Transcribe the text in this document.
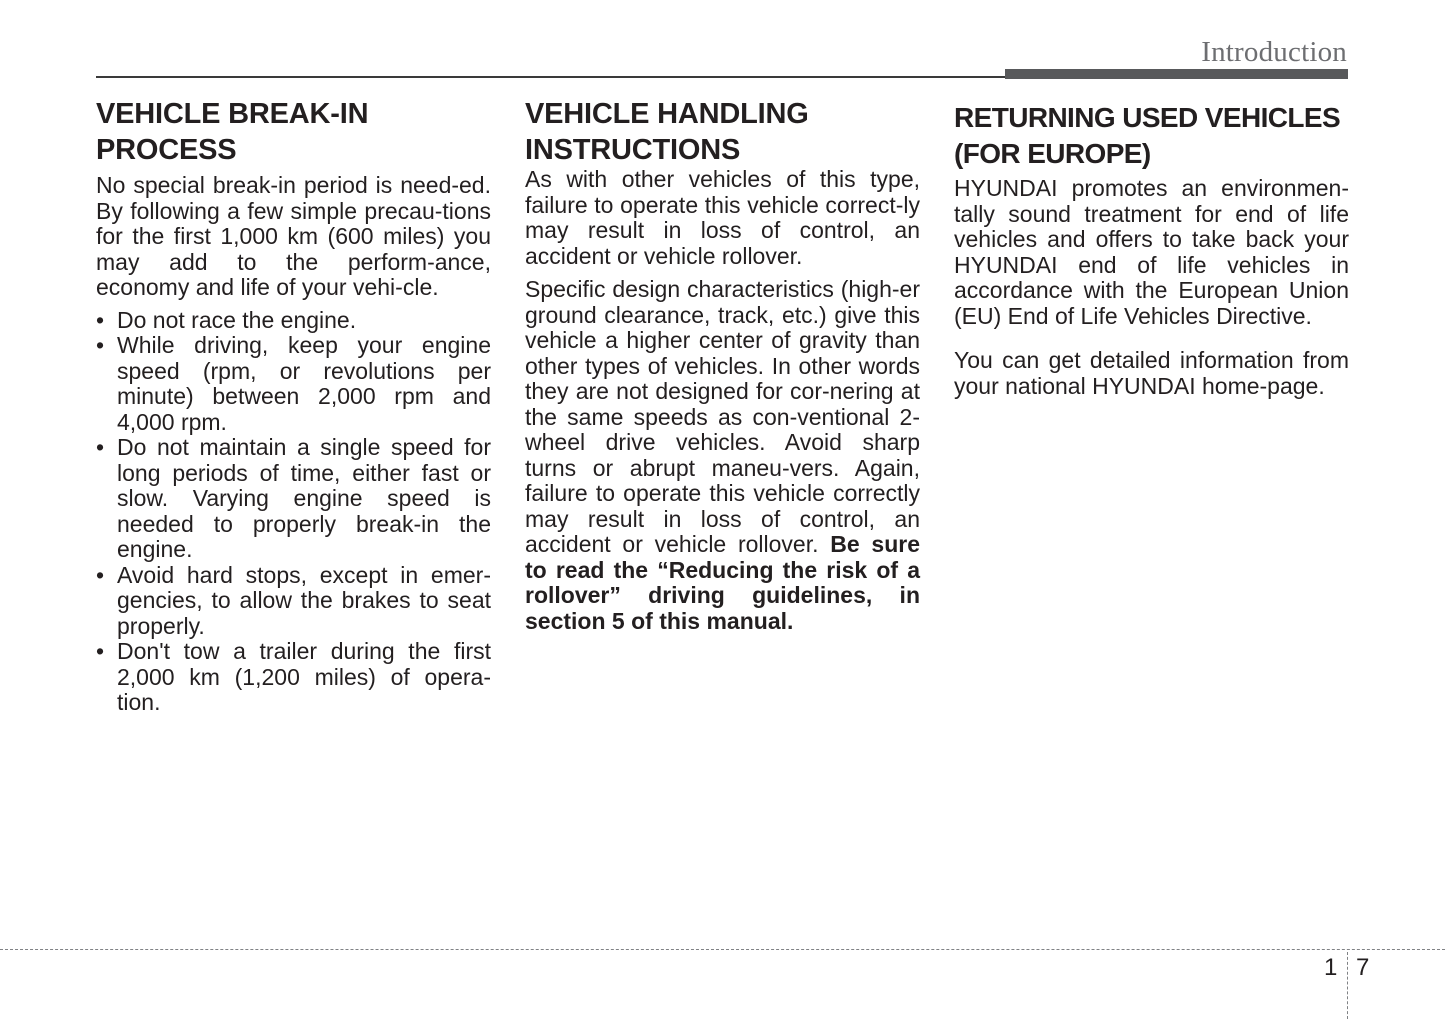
Introduction
VEHICLE BREAK-IN
PROCESS

No special break-in period is need-ed. By following a few simple precau-tions for the first 1,000 km (600 miles) you may add to the perform-ance, economy and life of your vehi-cle.

• Do not race the engine.
• While driving, keep your engine speed (rpm, or revolutions per minute) between 2,000 rpm and 4,000 rpm.
• Do not maintain a single speed for long periods of time, either fast or slow. Varying engine speed is needed to properly break-in the engine.
• Avoid hard stops, except in emer-gencies, to allow the brakes to seat properly.
• Don't tow a trailer during the first 2,000 km (1,200 miles) of opera-tion.
VEHICLE HANDLING
INSTRUCTIONS

As with other vehicles of this type, failure to operate this vehicle correct-ly may result in loss of control, an accident or vehicle rollover.

Specific design characteristics (high-er ground clearance, track, etc.) give this vehicle a higher center of gravity than other types of vehicles. In other words they are not designed for cor-nering at the same speeds as con-ventional 2-wheel drive vehicles. Avoid sharp turns or abrupt maneu-vers. Again, failure to operate this vehicle correctly may result in loss of control, an accident or vehicle rollover. Be sure to read the “Reducing the risk of a rollover” driving guidelines, in section 5 of this manual.

RETURNING USED VEHICLES
(FOR EUROPE)

HYUNDAI promotes an environmen-tally sound treatment for end of life vehicles and offers to take back your HYUNDAI end of life vehicles in accordance with the European Union (EU) End of Life Vehicles Directive.

You can get detailed information from your national HYUNDAI home-page.

1 7
